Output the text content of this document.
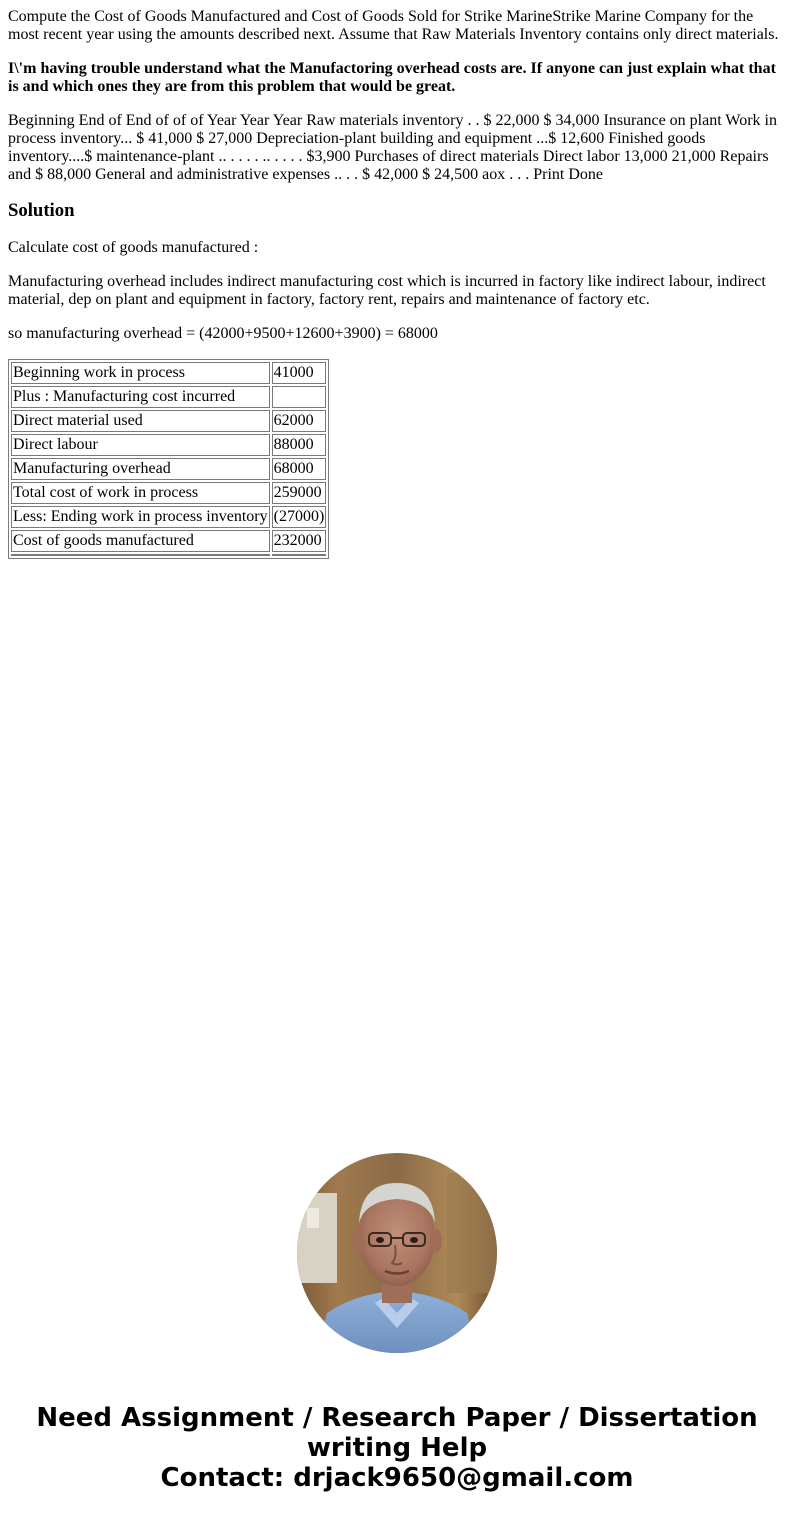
Compute the Cost of Goods Manufactured and Cost of Goods Sold for Strike MarineStrike Marine Company for the most recent year using the amounts described next. Assume that Raw Materials Inventory contains only direct materials.

I\'m having trouble understand what the Manufactoring overhead costs are. If anyone can just explain what that is and which ones they are from this problem that would be great.

Beginning End of End of of of Year Year Year Raw materials inventory . . $ 22,000 $ 34,000 Insurance on plant Work in process inventory... $ 41,000 $ 27,000 Depreciation-plant building and equipment ...$ 12,600 Finished goods inventory....$ maintenance-plant .. . . . . .. . . . . $3,900 Purchases of direct materials Direct labor 13,000 21,000 Repairs and $ 88,000 General and administrative expenses .. . . $ 42,000 $ 24,500 aox . . . Print Done

Solution

Calculate cost of goods manufactured :

Manufacturing overhead includes indirect manufacturing cost which is incurred in factory like indirect labour, indirect material, dep on plant and equipment in factory, factory rent, repairs and maintenance of factory etc.

so manufacturing overhead = (42000+9500+12600+3900) = 68000

Beginning work in process	41000
Plus : Manufacturing cost incurred	
Direct material used	62000
Direct labour	88000
Manufacturing overhead	68000
Total cost of work in process	259000
Less: Ending work in process inventory	(27000)
Cost of goods manufactured	232000

Need Assignment / Research Paper / Dissertation
writing Help
Contact: drjack9650@gmail.com
